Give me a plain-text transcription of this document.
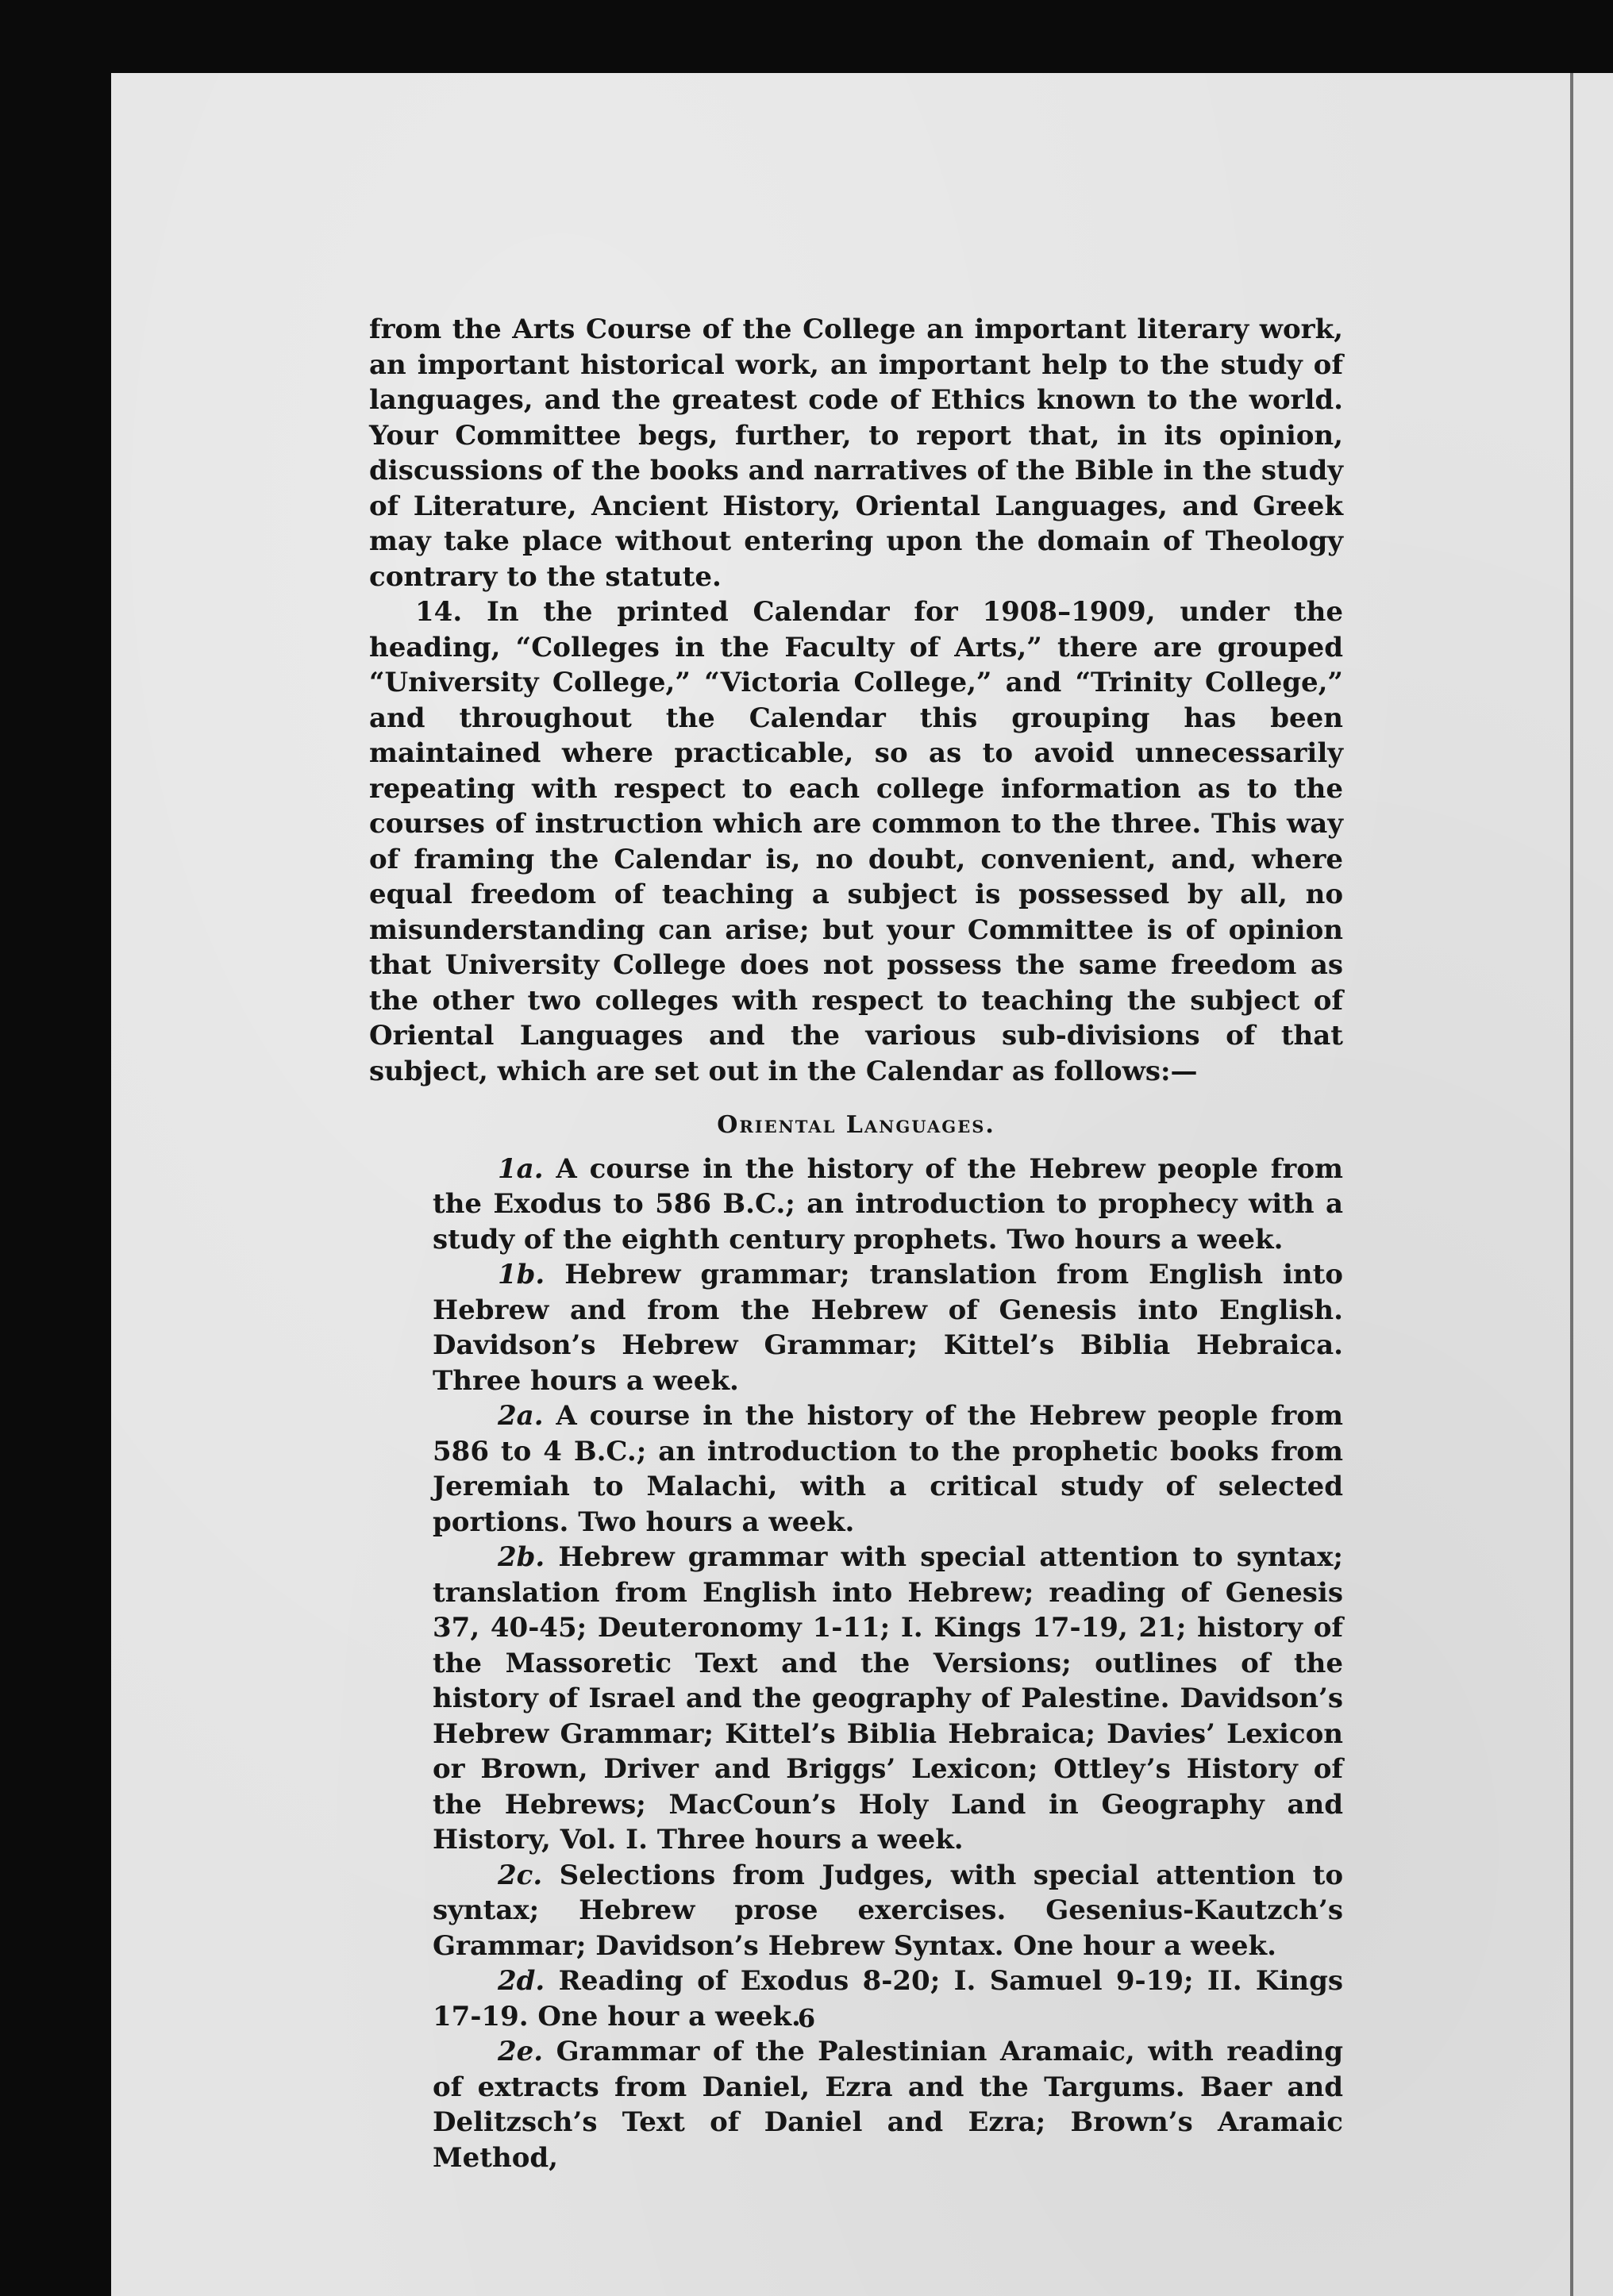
from the Arts Course of the College an important literary work, an important historical work, an important help to the study of languages, and the greatest code of Ethics known to the world. Your Committee begs, further, to report that, in its opinion, discussions of the books and narratives of the Bible in the study of Literature, Ancient History, Oriental Languages, and Greek may take place without entering upon the domain of Theology contrary to the statute.

14. In the printed Calendar for 1908–1909, under the heading, “Colleges in the Faculty of Arts,” there are grouped “University College,” “Victoria College,” and “Trinity College,” and throughout the Calendar this grouping has been maintained where practicable, so as to avoid unnecessarily repeating with respect to each college information as to the courses of instruction which are common to the three. This way of framing the Calendar is, no doubt, convenient, and, where equal freedom of teaching a subject is possessed by all, no misunderstanding can arise; but your Committee is of opinion that University College does not possess the same freedom as the other two colleges with respect to teaching the subject of Oriental Languages and the various sub-divisions of that subject, which are set out in the Calendar as follows:—

Oriental Languages.

1a. A course in the history of the Hebrew people from the Exodus to 586 B.C.; an introduction to prophecy with a study of the eighth century prophets. Two hours a week.

1b. Hebrew grammar; translation from English into Hebrew and from the Hebrew of Genesis into English. Davidson’s Hebrew Grammar; Kittel’s Biblia Hebraica. Three hours a week.

2a. A course in the history of the Hebrew people from 586 to 4 B.C.; an introduction to the prophetic books from Jeremiah to Malachi, with a critical study of selected portions. Two hours a week.

2b. Hebrew grammar with special attention to syntax; translation from English into Hebrew; reading of Genesis 37, 40-45; Deuteronomy 1-11; I. Kings 17-19, 21; history of the Massoretic Text and the Versions; outlines of the history of Israel and the geography of Palestine. Davidson’s Hebrew Grammar; Kittel’s Biblia Hebraica; Davies’ Lexicon or Brown, Driver and Briggs’ Lexicon; Ottley’s History of the Hebrews; MacCoun’s Holy Land in Geography and History, Vol. I. Three hours a week.

2c. Selections from Judges, with special attention to syntax; Hebrew prose exercises. Gesenius-Kautzch’s Grammar; Davidson’s Hebrew Syntax. One hour a week.

2d. Reading of Exodus 8-20; I. Samuel 9-19; II. Kings 17-19. One hour a week.

2e. Grammar of the Palestinian Aramaic, with reading of extracts from Daniel, Ezra and the Targums. Baer and Delitzsch’s Text of Daniel and Ezra; Brown’s Aramaic Method,

6
